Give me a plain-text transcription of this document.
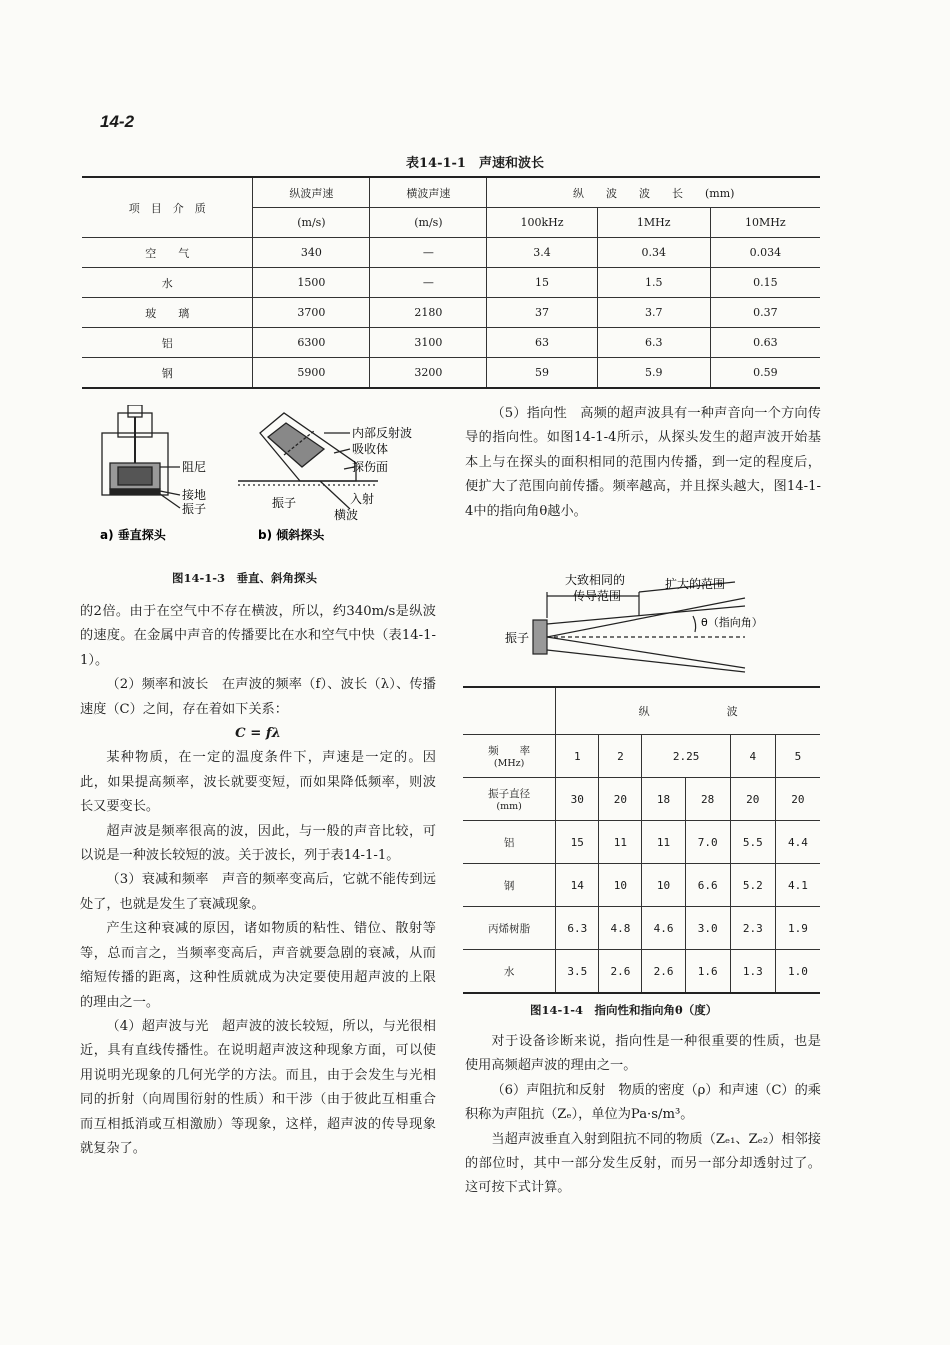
14-2
表14-1-1　声速和波长
项　目　介　质	纵波声速	横波声速	纵　　波　　波　　长　　(mm)		
	(m/s)	(m/s)	100kHz	1MHz	10MHz
空　　气	340	—	3.4	0.34	0.034
水	1500	—	15	1.5	0.15
玻　　璃	3700	2180	37	3.7	0.37
铝	6300	3100	63	6.3	0.63
钢	5900	3200	59	5.9	0.59
阻尼
接地
振子
a) 垂直探头
内部反射波
吸收体
探伤面
振子	入射
横波
b) 倾斜探头
图14-1-3　垂直、斜角探头

的2倍。由于在空气中不存在横波，所以，约340m/s是纵波的速度。在金属中声音的传播要比在水和空气中快（表14-1-1）。

（2）频率和波长　在声波的频率（f）、波长（λ）、传播速度（C）之间，存在着如下关系：

C = fλ

某种物质，在一定的温度条件下，声速是一定的。因此，如果提高频率，波长就要变短，而如果降低频率，则波长又要变长。

超声波是频率很高的波，因此，与一般的声音比较，可以说是一种波长较短的波。关于波长，列于表14-1-1。

（3）衰减和频率　声音的频率变高后，它就不能传到远处了，也就是发生了衰减现象。

产生这种衰减的原因，诸如物质的粘性、错位、散射等等，总而言之，当频率变高后，声音就要急剧的衰减，从而缩短传播的距离，这种性质就成为决定要使用超声波的上限的理由之一。

（4）超声波与光　超声波的波长较短，所以，与光很相近，具有直线传播性。在说明超声波这种现象方面，可以使用说明光现象的几何光学的方法。而且，由于会发生与光相同的折射（向周围衍射的性质）和干涉（由于彼此互相重合而互相抵消或互相激励）等现象，这样，超声波的传导现象就复杂了。

（5）指向性　高频的超声波具有一种声音向一个方向传导的指向性。如图14-1-4所示，从探头发生的超声波开始基本上与在探头的面积相同的范围内传播，到一定的程度后，便扩大了范围向前传播。频率越高，并且探头越大，图14-1-4中的指向角θ越小。

大致相同的
传导范围
扩大的范围
θ（指向角）
振子
	纵　　　　　　　波					

频　　率
(MHz)	1	2	2.25		4	5

振子直径
(mm)	30	20	18	28	20	20
铝	15	11	11	7.0	5.5	4.4
钢	14	10	10	6.6	5.2	4.1
丙烯树脂	6.3	4.8	4.6	3.0	2.3	1.9
水	3.5	2.6	2.6	1.6	1.3	1.0
图14-1-4　指向性和指向角θ（度）

对于设备诊断来说，指向性是一种很重要的性质，也是使用高频超声波的理由之一。

（6）声阻抗和反射　物质的密度（ρ）和声速（C）的乘积称为声阻抗（Zₑ），单位为Pa·s/m³。

当超声波垂直入射到阻抗不同的物质（Zₑ₁、Zₑ₂）相邻接的部位时，其中一部分发生反射，而另一部分却透射过了。这可按下式计算。
